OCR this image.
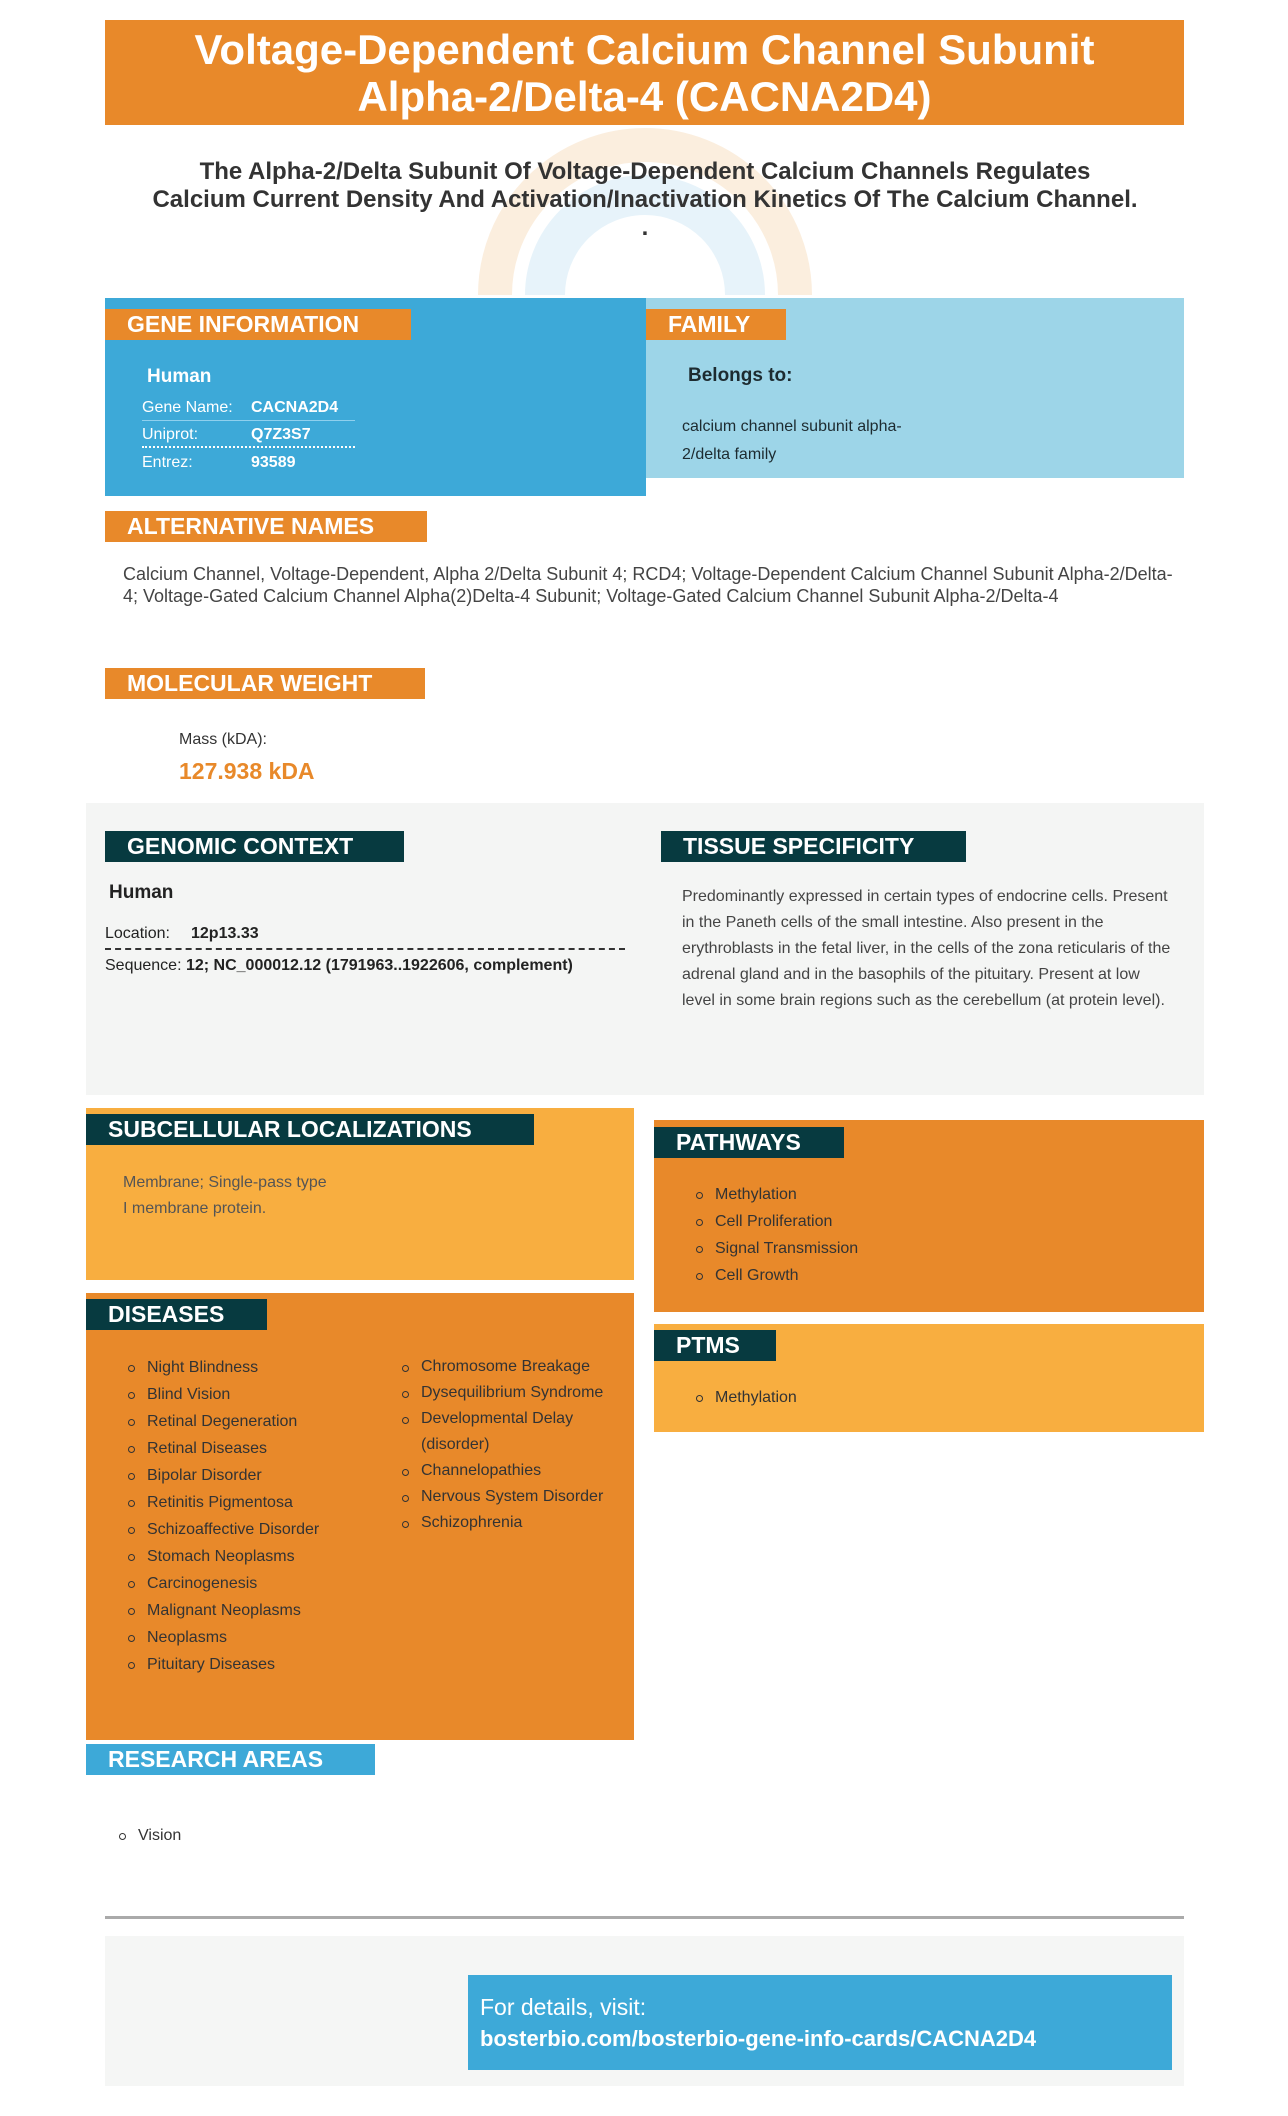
Voltage-Dependent Calcium Channel Subunit Alpha-2/Delta-4 (CACNA2D4)
The Alpha-2/Delta Subunit Of Voltage-Dependent Calcium Channels Regulates Calcium Current Density And Activation/Inactivation Kinetics Of The Calcium Channel. .
GENE INFORMATION
Human
Gene Name: CACNA2D4
Uniprot:	Q7Z3S7
Entrez:	93589
FAMILY
Belongs to:
calcium channel subunit alpha-2/delta family
ALTERNATIVE NAMES
Calcium Channel, Voltage-Dependent, Alpha 2/Delta Subunit 4; RCD4; Voltage-Dependent Calcium Channel Subunit Alpha-2/Delta-4; Voltage-Gated Calcium Channel Alpha(2)Delta-4 Subunit; Voltage-Gated Calcium Channel Subunit Alpha-2/Delta-4
MOLECULAR WEIGHT
Mass (kDA):
127.938 kDA
GENOMIC CONTEXT
Human
Location: 12p13.33
Sequence: 12; NC_000012.12 (1791963..1922606, complement)
TISSUE SPECIFICITY
Predominantly expressed in certain types of endocrine cells. Present in the Paneth cells of the small intestine. Also present in the erythroblasts in the fetal liver, in the cells of the zona reticularis of the adrenal gland and in the basophils of the pituitary. Present at low level in some brain regions such as the cerebellum (at protein level).
SUBCELLULAR LOCALIZATIONS
Membrane; Single-pass type I membrane protein.
PATHWAYS
Methylation
Cell Proliferation
Signal Transmission
Cell Growth
PTMS
Methylation
DISEASES
Night Blindness
Blind Vision
Retinal Degeneration
Retinal Diseases
Bipolar Disorder
Retinitis Pigmentosa
Schizoaffective Disorder
Stomach Neoplasms
Carcinogenesis
Malignant Neoplasms
Neoplasms
Pituitary Diseases
Chromosome Breakage
Dysequilibrium Syndrome
Developmental Delay (disorder)
Channelopathies
Nervous System Disorder
Schizophrenia
RESEARCH AREAS
Vision
For details, visit:
bosterbio.com/bosterbio-gene-info-cards/CACNA2D4
